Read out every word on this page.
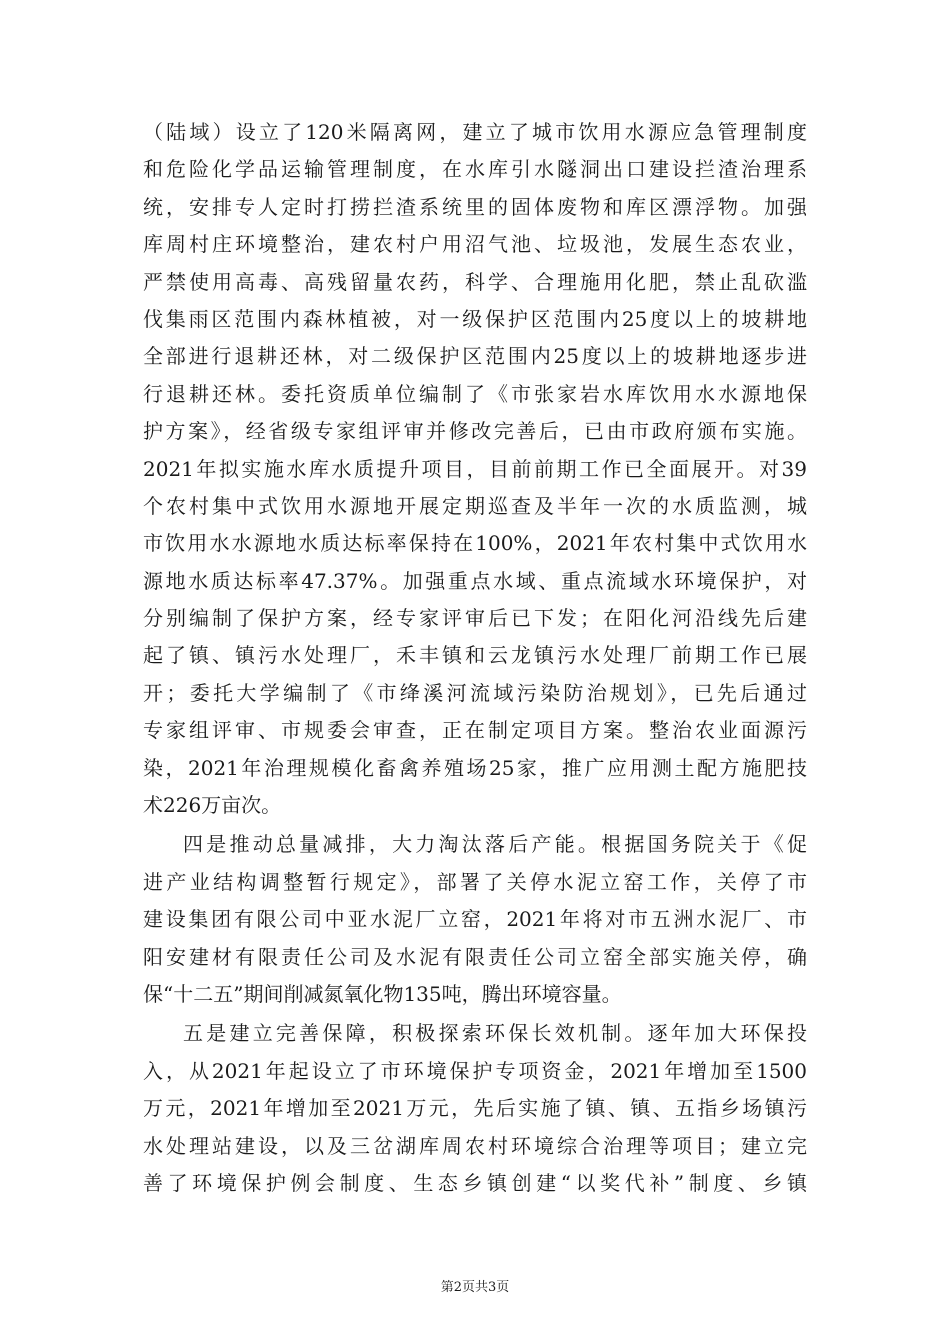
（陆域）设立了120米隔离网，建立了城市饮用水源应急管理制度
和危险化学品运输管理制度，在水库引水隧洞出口建设拦渣治理系
统，安排专人定时打捞拦渣系统里的固体废物和库区漂浮物。加强
库周村庄环境整治，建农村户用沼气池、垃圾池，发展生态农业，
严禁使用高毒、高残留量农药，科学、合理施用化肥，禁止乱砍滥
伐集雨区范围内森林植被，对一级保护区范围内25度以上的坡耕地
全部进行退耕还林，对二级保护区范围内25度以上的坡耕地逐步进
行退耕还林。委托资质单位编制了《市张家岩水库饮用水水源地保
护方案》，经省级专家组评审并修改完善后，已由市政府颁布实施。
2021年拟实施水库水质提升项目，目前前期工作已全面展开。对39
个农村集中式饮用水源地开展定期巡查及半年一次的水质监测，城
市饮用水水源地水质达标率保持在100%，2021年农村集中式饮用水
源地水质达标率47.37%。加强重点水域、重点流域水环境保护，对
分别编制了保护方案，经专家评审后已下发；在阳化河沿线先后建
起了镇、镇污水处理厂，禾丰镇和云龙镇污水处理厂前期工作已展
开；委托大学编制了《市绛溪河流域污染防治规划》，已先后通过
专家组评审、市规委会审查，正在制定项目方案。整治农业面源污
染，2021年治理规模化畜禽养殖场25家，推广应用测土配方施肥技
术226万亩次。
四是推动总量减排，大力淘汰落后产能。根据国务院关于《促
进产业结构调整暂行规定》，部署了关停水泥立窑工作，关停了市
建设集团有限公司中亚水泥厂立窑，2021年将对市五洲水泥厂、市
阳安建材有限责任公司及水泥有限责任公司立窑全部实施关停，确
保“十二五”期间削减氮氧化物135吨，腾出环境容量。
五是建立完善保障，积极探索环保长效机制。逐年加大环保投
入，从2021年起设立了市环境保护专项资金，2021年增加至1500
万元，2021年增加至2021万元，先后实施了镇、镇、五指乡场镇污
水处理站建设，以及三岔湖库周农村环境综合治理等项目；建立完
善了环境保护例会制度、生态乡镇创建“以奖代补”制度、乡镇
第2页共3页
